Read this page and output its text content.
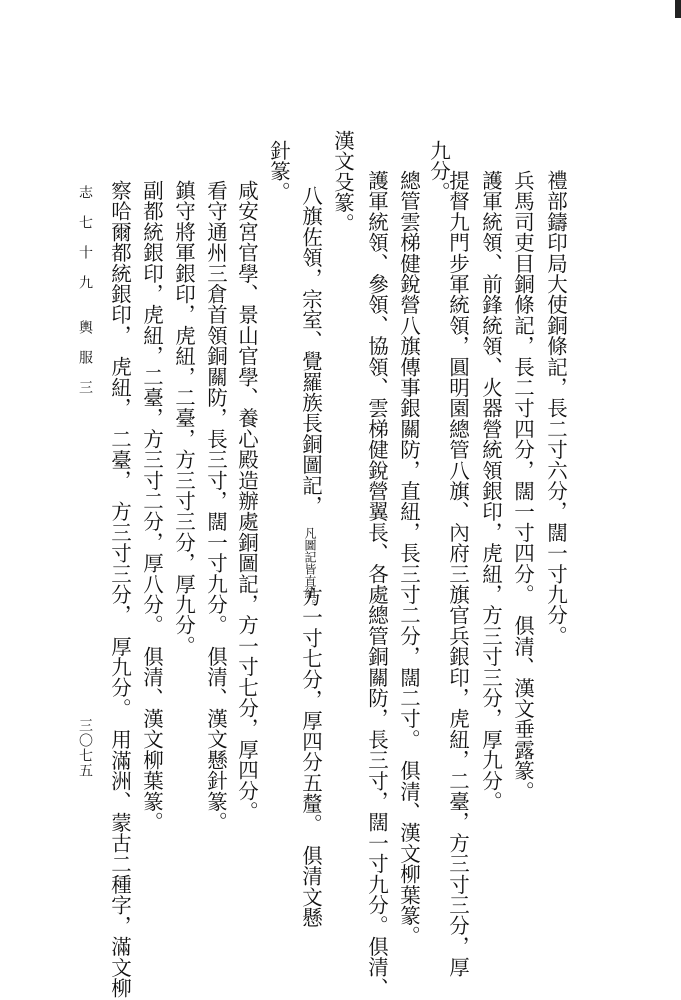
禮部鑄印局大使銅條記，長二寸六分，闊一寸九分。
兵馬司吏目銅條記，長二寸四分，闊一寸四分。　俱清、漢文垂露篆。
護軍統領、前鋒統領、火器營統領銀印，虎紐，方三寸三分，厚九分。
提督九門步軍統領，圓明園總管八旗、內府三旗官兵銀印，虎紐，二臺，方三寸三分，厚
九分。
漢文殳篆。 總管雲梯健銳營八旗傳事銀關防，直紐，長三寸二分，闊二寸。　俱清、漢文柳葉篆。
護軍統領、參領、協領、雲梯健銳營翼長、各處總管銅關防，長三寸，闊一寸九分。俱清、
針篆。
八旗佐領，宗室、覺羅族長銅圖記，
凡圖記皆直紐。
方一寸七分，厚四分五釐。　俱清文懸
咸安宮官學、景山官學、養心殿造辦處銅圖記，方一寸七分，厚四分。
看守通州三倉首領銅關防，長三寸，闊一寸九分。　俱清、漢文懸針篆。
鎮守將軍銀印，虎紐，二臺，方三寸三分，厚九分。
副都統銀印，虎紐，二臺，方三寸二分，厚八分。　俱清、漢文柳葉篆。
察哈爾都統銀印，　虎紐，　二臺，　方三寸三分，　厚九分。　用滿洲、蒙古二種字，滿文柳
志　七　十　九　　輿　服　三
三〇七五
